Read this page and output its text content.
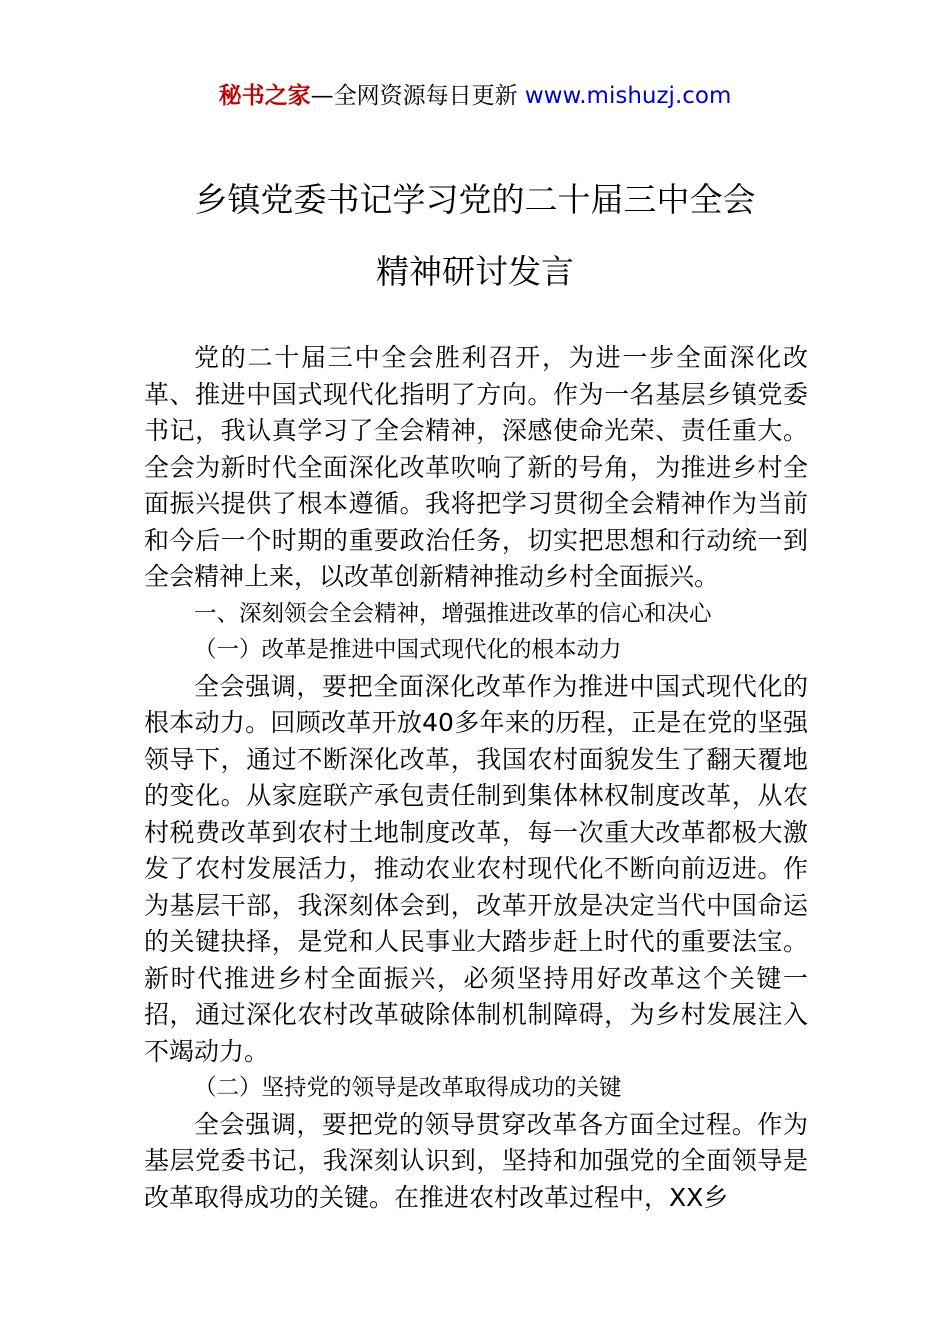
秘书之家—全网资源每日更新 www.mishuzj.com
乡镇党委书记学习党的二十届三中全会
精神研讨发言

党的二十届三中全会胜利召开，为进一步全面深化改革、推进中国式现代化指明了方向。作为一名基层乡镇党委书记，我认真学习了全会精神，深感使命光荣、责任重大。全会为新时代全面深化改革吹响了新的号角，为推进乡村全面振兴提供了根本遵循。我将把学习贯彻全会精神作为当前和今后一个时期的重要政治任务，切实把思想和行动统一到全会精神上来，以改革创新精神推动乡村全面振兴。

一、深刻领会全会精神，增强推进改革的信心和决心

（一）改革是推进中国式现代化的根本动力

全会强调，要把全面深化改革作为推进中国式现代化的根本动力。回顾改革开放40多年来的历程，正是在党的坚强领导下，通过不断深化改革，我国农村面貌发生了翻天覆地的变化。从家庭联产承包责任制到集体林权制度改革，从农村税费改革到农村土地制度改革，每一次重大改革都极大激发了农村发展活力，推动农业农村现代化不断向前迈进。作为基层干部，我深刻体会到，改革开放是决定当代中国命运的关键抉择，是党和人民事业大踏步赶上时代的重要法宝。新时代推进乡村全面振兴，必须坚持用好改革这个关键一招，通过深化农村改革破除体制机制障碍，为乡村发展注入不竭动力。

（二）坚持党的领导是改革取得成功的关键

全会强调，要把党的领导贯穿改革各方面全过程。作为基层党委书记，我深刻认识到，坚持和加强党的全面领导是改革取得成功的关键。在推进农村改革过程中，XX乡
